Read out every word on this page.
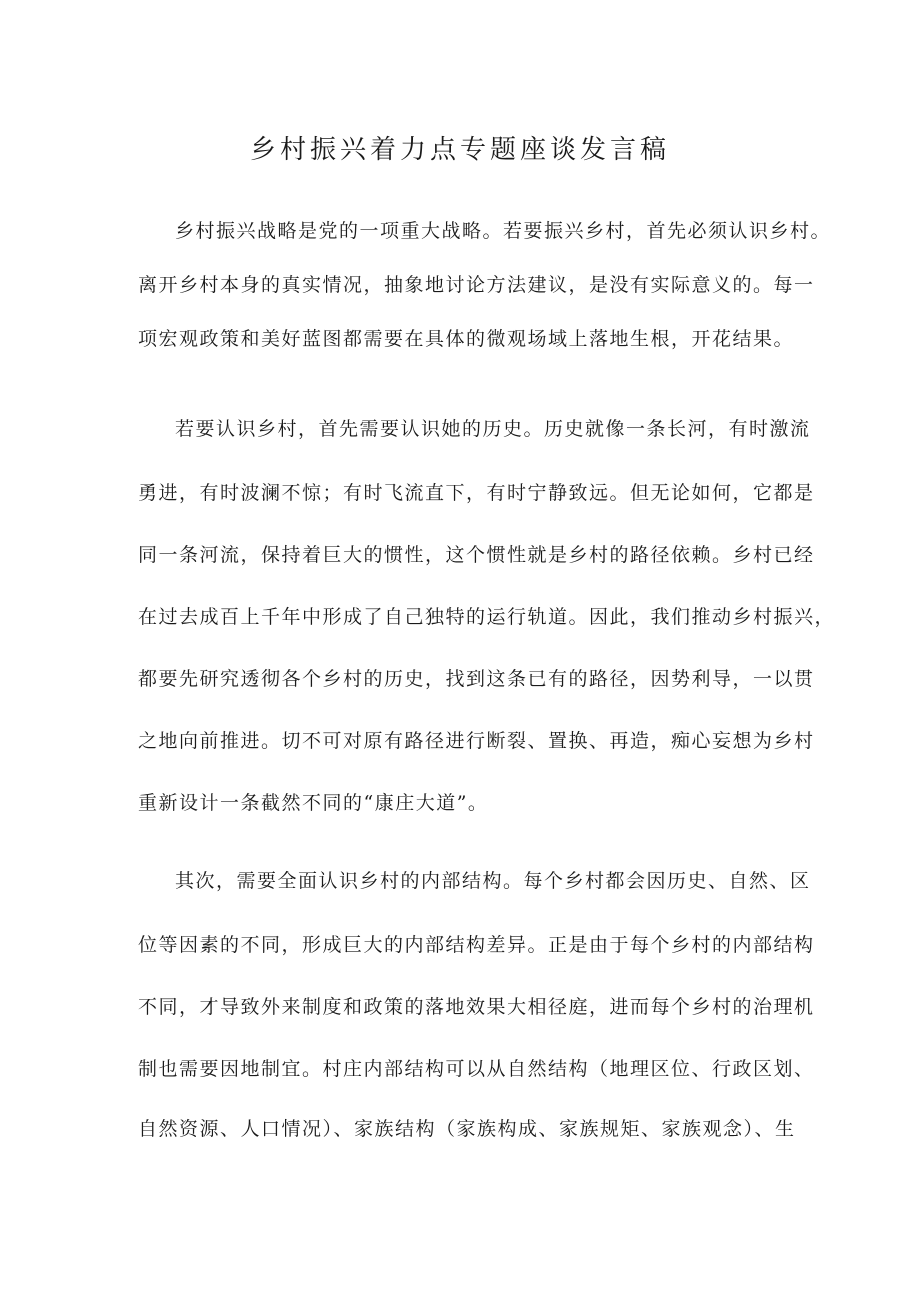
乡村振兴着力点专题座谈发言稿

乡村振兴战略是党的一项重大战略。若要振兴乡村，首先必须认识乡村。

离开乡村本身的真实情况，抽象地讨论方法建议，是没有实际意义的。每一

项宏观政策和美好蓝图都需要在具体的微观场域上落地生根，开花结果。

若要认识乡村，首先需要认识她的历史。历史就像一条长河，有时激流

勇进，有时波澜不惊；有时飞流直下，有时宁静致远。但无论如何，它都是

同一条河流，保持着巨大的惯性，这个惯性就是乡村的路径依赖。乡村已经

在过去成百上千年中形成了自己独特的运行轨道。因此，我们推动乡村振兴，

都要先研究透彻各个乡村的历史，找到这条已有的路径，因势利导，一以贯

之地向前推进。切不可对原有路径进行断裂、置换、再造，痴心妄想为乡村

重新设计一条截然不同的“康庄大道”。

其次，需要全面认识乡村的内部结构。每个乡村都会因历史、自然、区

位等因素的不同，形成巨大的内部结构差异。正是由于每个乡村的内部结构

不同，才导致外来制度和政策的落地效果大相径庭，进而每个乡村的治理机

制也需要因地制宜。村庄内部结构可以从自然结构（地理区位、行政区划、

自然资源、人口情况）、家族结构（家族构成、家族规矩、家族观念）、生
